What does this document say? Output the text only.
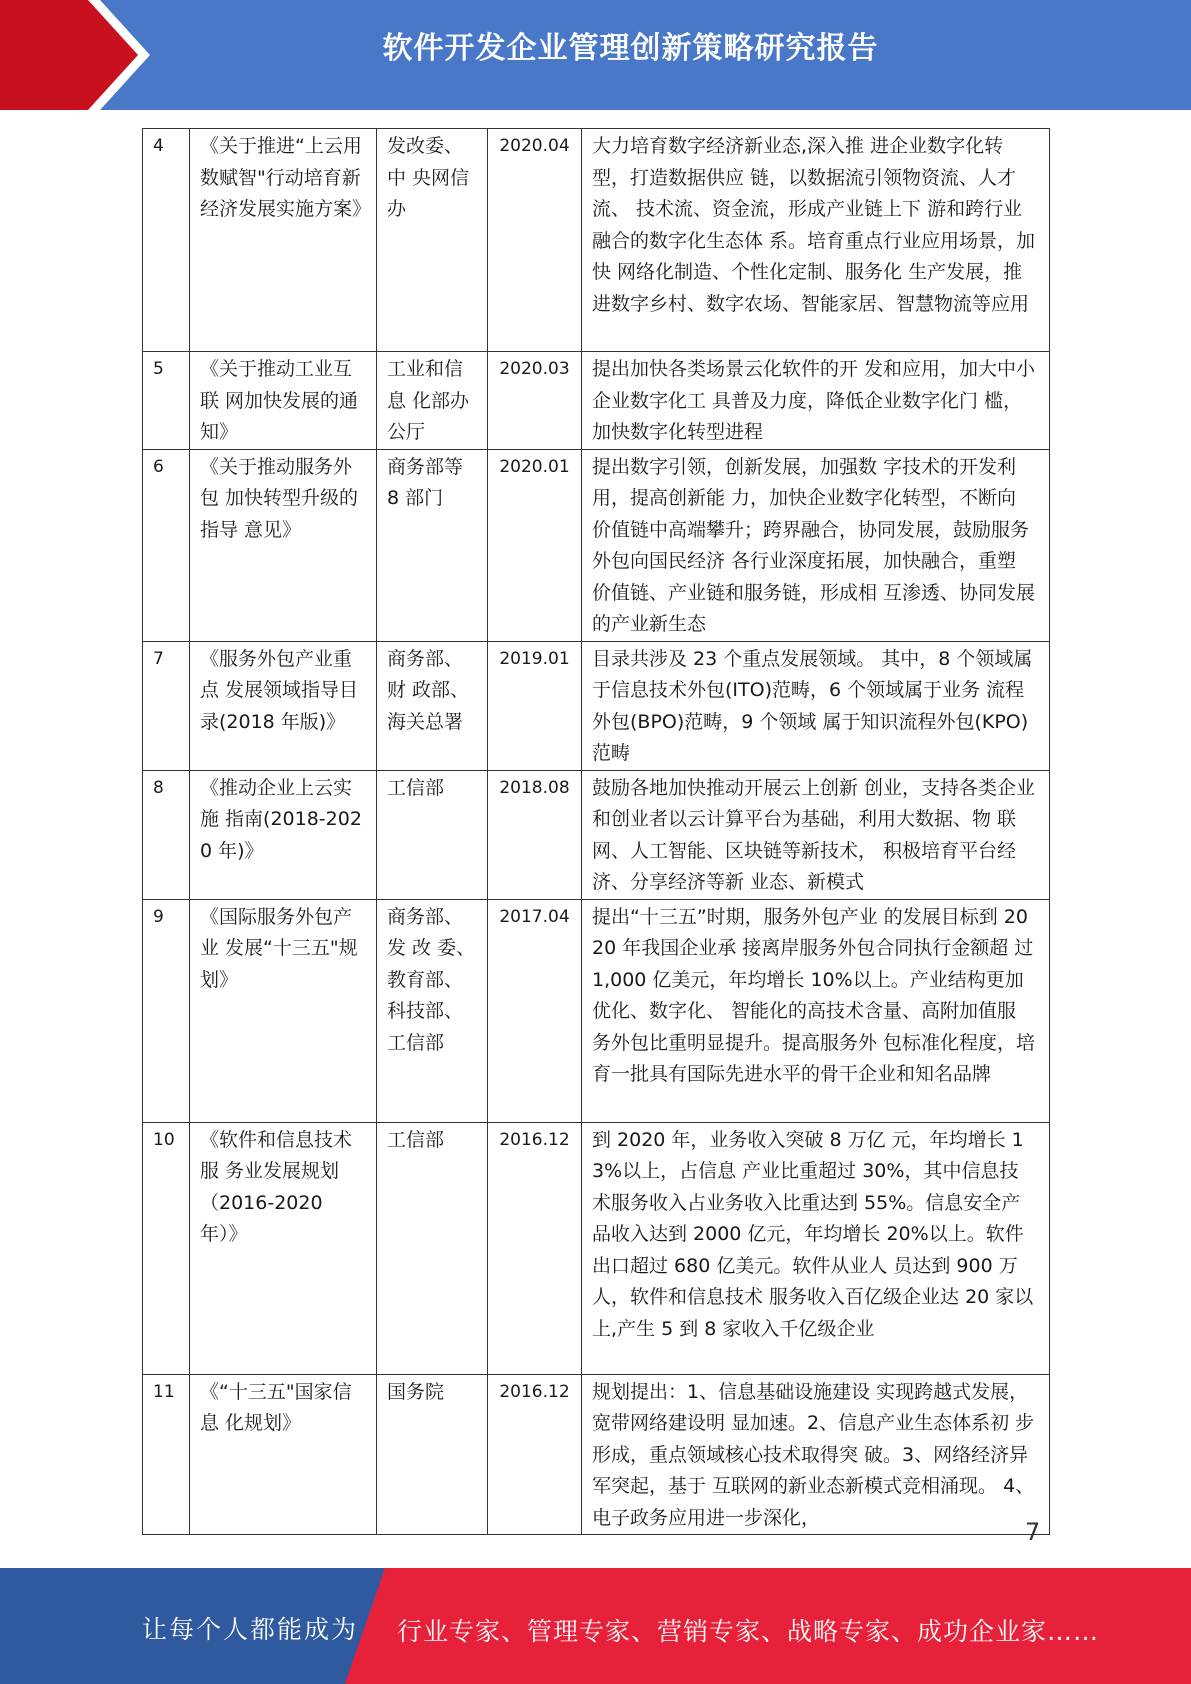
软件开发企业管理创新策略研究报告
4	《关于推进“上云用 数赋智"行动培育新 经济发展实施方案》	发改委、中 央网信办	2020.04	大力培育数字经济新业态,深入推 进企业数字化转型，打造数据供应 链，以数据流引领物资流、人才流、 技术流、资金流，形成产业链上下 游和跨行业融合的数字化生态体 系。培育重点行业应用场景，加快 网络化制造、个性化定制、服务化 生产发展，推进数字乡村、数字农场、智能家居、智慧物流等应用
5	《关于推动工业互联 网加快发展的通知》	工业和信息 化部办公厅	2020.03	提出加快各类场景云化软件的开 发和应用，加大中小企业数字化工 具普及力度，降低企业数字化门 槛，加快数字化转型进程
6	《关于推动服务外包 加快转型升级的指导 意见》	商务部等 8 部门	2020.01	提出数字引领，创新发展，加强数 字技术的开发利用，提高创新能 力，加快企业数字化转型，不断向 价值链中高端攀升；跨界融合，协同发展，鼓励服务外包向国民经济 各行业深度拓展，加快融合，重塑 价值链、产业链和服务链，形成相 互渗透、协同发展的产业新生态
7	《服务外包产业重点 发展领域指导目录(2018 年版)》	商务部、财 政部、海关总署	2019.01	目录共涉及 23 个重点发展领域。 其中，8 个领域属于信息技术外包(ITO)范畴，6 个领域属于业务 流程外包(BPO)范畴，9 个领域 属于知识流程外包(KPO)范畴
8	《推动企业上云实施 指南(2018-2020 年)》	工信部	2018.08	鼓励各地加快推动开展云上创新 创业，支持各类企业和创业者以云计算平台为基础，利用大数据、物 联网、人工智能、区块链等新技术， 积极培育平台经济、分享经济等新 业态、新模式
9	《国际服务外包产业 发展“十三五"规划》	商务部、发 改 委、教育部、科技部、工信部	2017.04	提出“十三五”时期，服务外包产业 的发展目标到 2020 年我国企业承 接离岸服务外包合同执行金额超 过 1,000 亿美元，年均增长 10%以上。产业结构更加优化、数字化、 智能化的高技术含量、高附加值服 务外包比重明显提升。提高服务外 包标准化程度，培育一批具有国际先进水平的骨干企业和知名品牌
10	《软件和信息技术服 务业发展规划（2016-2020 年）》	工信部	2016.12	到 2020 年，业务收入突破 8 万亿 元，年均增长 13%以上，占信息 产业比重超过 30%，其中信息技 术服务收入占业务收入比重达到 55%。信息安全产品收入达到 2000 亿元，年均增长 20%以上。软件 出口超过 680 亿美元。软件从业人 员达到 900 万人，软件和信息技术 服务收入百亿级企业达 20 家以 上,产生 5 到 8 家收入千亿级企业
11	《“十三五"国家信息 化规划》	国务院	2016.12	规划提出：1、信息基础设施建设 实现跨越式发展，宽带网络建设明 显加速。2、信息产业生态体系初 步形成，重点领域核心技术取得突 破。3、网络经济异军突起，基于 互联网的新业态新模式竞相涌现。 4、电子政务应用进一步深化，
7
让每个人都能成为 行业专家、管理专家、营销专家、战略专家、成功企业家……
